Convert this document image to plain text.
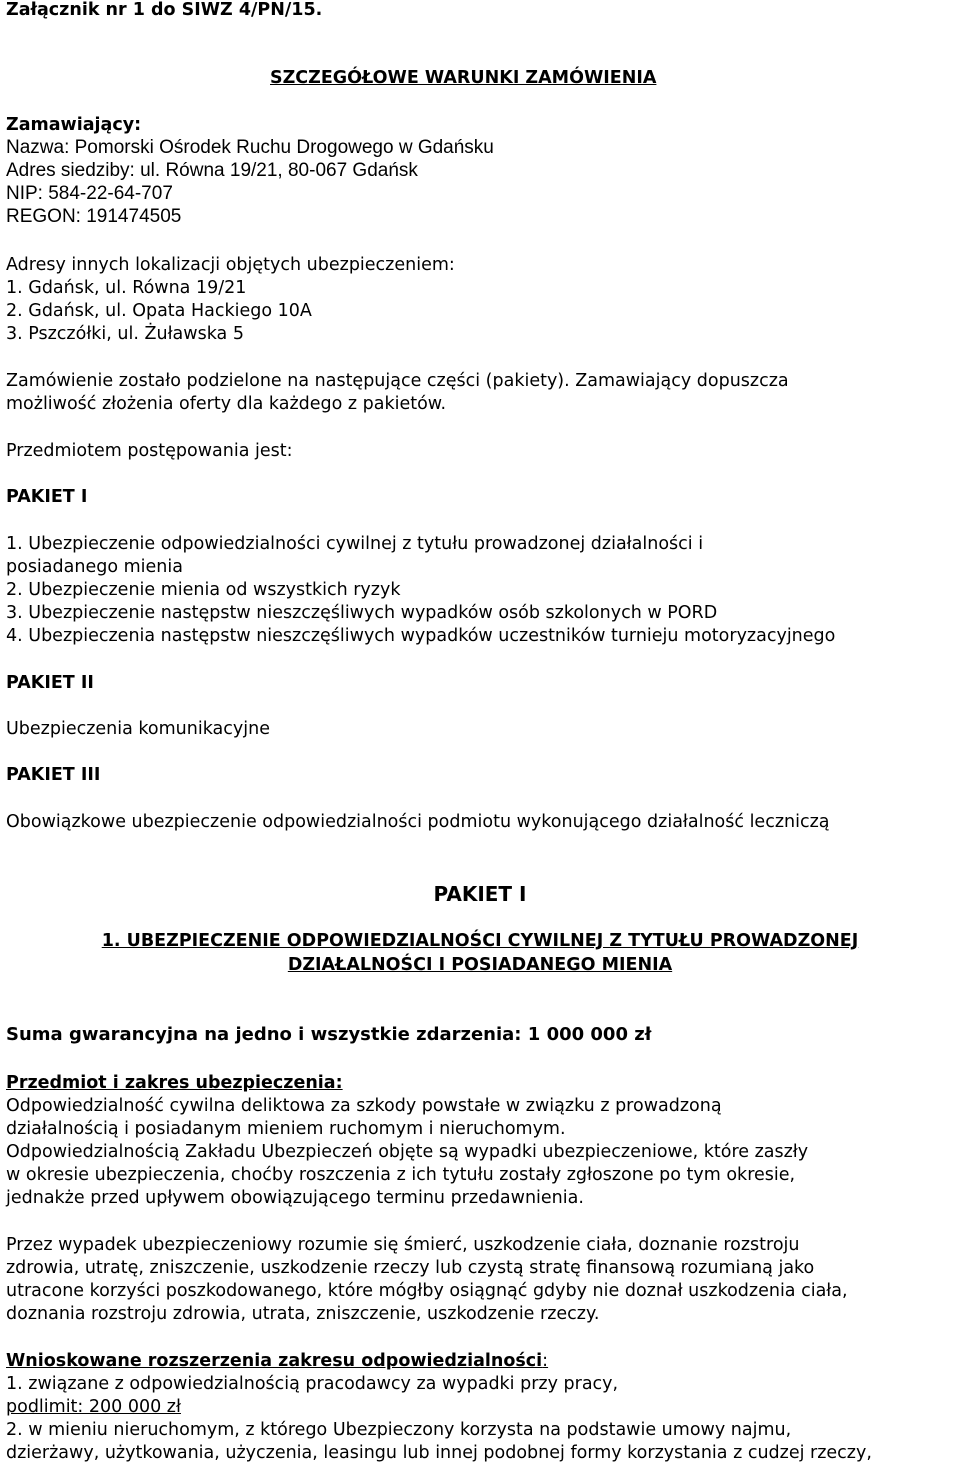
Załącznik nr 1 do SIWZ 4/PN/15.
SZCZEGÓŁOWE WARUNKI ZAMÓWIENIA
Zamawiający:
Nazwa: Pomorski Ośrodek Ruchu Drogowego w Gdańsku
Adres siedziby: ul. Równa 19/21, 80-067 Gdańsk
NIP: 584-22-64-707
REGON: 191474505
Adresy innych lokalizacji objętych ubezpieczeniem:
1. Gdańsk, ul. Równa 19/21
2. Gdańsk, ul. Opata Hackiego 10A
3. Pszczółki, ul. Żuławska 5
Zamówienie zostało podzielone na następujące części (pakiety). Zamawiający dopuszcza
możliwość złożenia oferty dla każdego z pakietów.
Przedmiotem postępowania jest:
PAKIET I
1. Ubezpieczenie odpowiedzialności cywilnej z tytułu prowadzonej działalności i
posiadanego mienia
2. Ubezpieczenie mienia od wszystkich ryzyk
3. Ubezpieczenie następstw nieszczęśliwych wypadków osób szkolonych w PORD
4. Ubezpieczenia następstw nieszczęśliwych wypadków uczestników turnieju motoryzacyjnego
PAKIET II
Ubezpieczenia komunikacyjne
PAKIET III
Obowiązkowe ubezpieczenie odpowiedzialności podmiotu wykonującego działalność leczniczą
PAKIET I
1. UBEZPIECZENIE ODPOWIEDZIALNOŚCI CYWILNEJ Z TYTUŁU PROWADZONEJ
DZIAŁALNOŚCI I POSIADANEGO MIENIA
Suma gwarancyjna na jedno i wszystkie zdarzenia: 1 000 000 zł
Przedmiot i zakres ubezpieczenia:
Odpowiedzialność cywilna deliktowa za szkody powstałe w związku z prowadzoną
działalnością i posiadanym mieniem ruchomym i nieruchomym.
Odpowiedzialnością Zakładu Ubezpieczeń objęte są wypadki ubezpieczeniowe, które zaszły
w okresie ubezpieczenia, choćby roszczenia z ich tytułu zostały zgłoszone po tym okresie,
jednakże przed upływem obowiązującego terminu przedawnienia.
Przez wypadek ubezpieczeniowy rozumie się śmierć, uszkodzenie ciała, doznanie rozstroju
zdrowia, utratę, zniszczenie, uszkodzenie rzeczy lub czystą stratę finansową rozumianą jako
utracone korzyści poszkodowanego, które mógłby osiągnąć gdyby nie doznał uszkodzenia ciała,
doznania rozstroju zdrowia, utrata, zniszczenie, uszkodzenie rzeczy.
Wnioskowane rozszerzenia zakresu odpowiedzialności:
1. związane z odpowiedzialnością pracodawcy za wypadki przy pracy,
podlimit: 200 000 zł
2. w mieniu nieruchomym, z którego Ubezpieczony korzysta na podstawie umowy najmu,
dzierżawy, użytkowania, użyczenia, leasingu lub innej podobnej formy korzystania z cudzej rzeczy,
